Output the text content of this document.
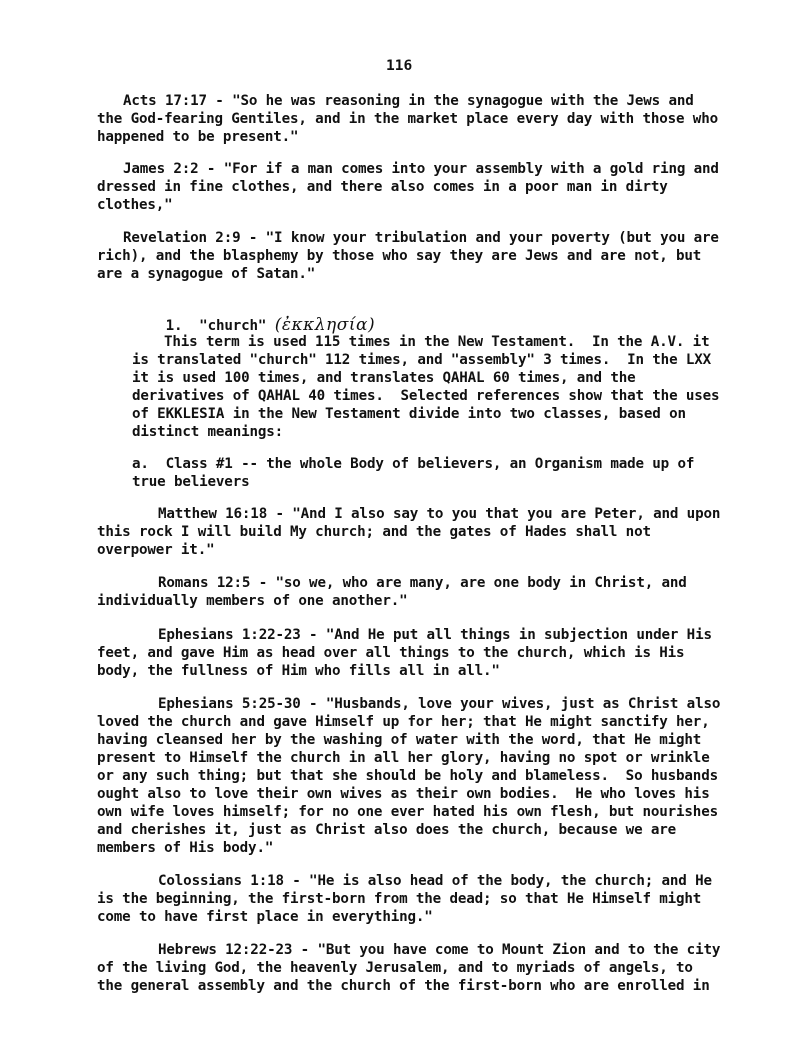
116
Acts 17:17 - "So he was reasoning in the synagogue with the Jews and
the God-fearing Gentiles, and in the market place every day with those who
happened to be present."
James 2:2 - "For if a man comes into your assembly with a gold ring and
dressed in fine clothes, and there also comes in a poor man in dirty
clothes,"
Revelation 2:9 - "I know your tribulation and your poverty (but you are
rich), and the blasphemy by those who say they are Jews and are not, but
are a synagogue of Satan."
This term is used 115 times in the New Testament.  In the A.V. it
is translated "church" 112 times, and "assembly" 3 times.  In the LXX
it is used 100 times, and translates QAHAL 60 times, and the
derivatives of QAHAL 40 times.  Selected references show that the uses
of EKKLESIA in the New Testament divide into two classes, based on
distinct meanings:
a.  Class #1 -- the whole Body of believers, an Organism made up of
true believers
Matthew 16:18 - "And I also say to you that you are Peter, and upon
this rock I will build My church; and the gates of Hades shall not
overpower it."
Romans 12:5 - "so we, who are many, are one body in Christ, and
individually members of one another."
Ephesians 1:22-23 - "And He put all things in subjection under His
feet, and gave Him as head over all things to the church, which is His
body, the fullness of Him who fills all in all."
Ephesians 5:25-30 - "Husbands, love your wives, just as Christ also
loved the church and gave Himself up for her; that He might sanctify her,
having cleansed her by the washing of water with the word, that He might
present to Himself the church in all her glory, having no spot or wrinkle
or any such thing; but that she should be holy and blameless.  So husbands
ought also to love their own wives as their own bodies.  He who loves his
own wife loves himself; for no one ever hated his own flesh, but nourishes
and cherishes it, just as Christ also does the church, because we are
members of His body."
Colossians 1:18 - "He is also head of the body, the church; and He
is the beginning, the first-born from the dead; so that He Himself might
come to have first place in everything."
Hebrews 12:22-23 - "But you have come to Mount Zion and to the city
of the living God, the heavenly Jerusalem, and to myriads of angels, to
the general assembly and the church of the first-born who are enrolled in

1. "church" (ἐκκλησία)
